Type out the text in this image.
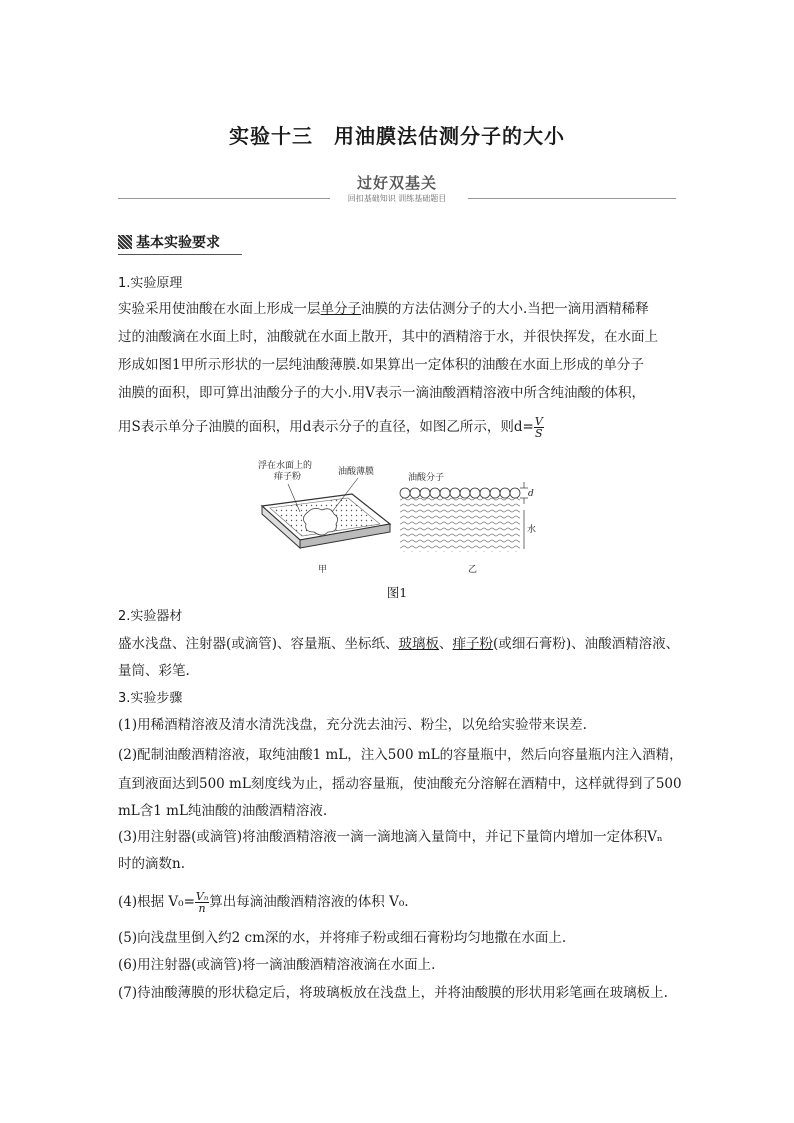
实验十三　用油膜法估测分子的大小
过好双基关
回扣基础知识 训练基础题目
基本实验要求
1.实验原理
实验采用使油酸在水面上形成一层单分子油膜的方法估测分子的大小.当把一滴用酒精稀释
过的油酸滴在水面上时，油酸就在水面上散开，其中的酒精溶于水，并很快挥发，在水面上
形成如图1甲所示形状的一层纯油酸薄膜.如果算出一定体积的油酸在水面上形成的单分子
油膜的面积，即可算出油酸分子的大小.用V表示一滴油酸酒精溶液中所含纯油酸的体积，
用S表示单分子油膜的面积，用d表示分子的直径，如图乙所示，则$d= \frac{V}{S}$
浮在水面上的
痱子粉	油酸薄膜
甲
油酸分子
d
水
乙
图1
2.实验器材
盛水浅盘、注射器(或滴管)、容量瓶、坐标纸、玻璃板、痱子粉(或细石膏粉)、油酸酒精溶液、
量筒、彩笔.
3.实验步骤
(1)用稀酒精溶液及清水清洗浅盘，充分洗去油污、粉尘，以免给实验带来误差.
(2)配制油酸酒精溶液，取纯油酸1 mL，注入500 mL的容量瓶中，然后向容量瓶内注入酒精，
直到液面达到500 mL刻度线为止，摇动容量瓶，使油酸充分溶解在酒精中，这样就得到了500
mL含1 mL纯油酸的油酸酒精溶液.
(3)用注射器(或滴管)将油酸酒精溶液一滴一滴地滴入量筒中，并记下量筒内增加一定体积Vₙ
时的滴数n.
(4)根据 $V_0= \frac{\text{Vₙ}}{n}$ 算出每滴油酸酒精溶液的体积 V₀.
(5)向浅盘里倒入约2 cm深的水，并将痱子粉或细石膏粉均匀地撒在水面上.
(6)用注射器(或滴管)将一滴油酸酒精溶液滴在水面上.
(7)待油酸薄膜的形状稳定后，将玻璃板放在浅盘上，并将油酸膜的形状用彩笔画在玻璃板上.
